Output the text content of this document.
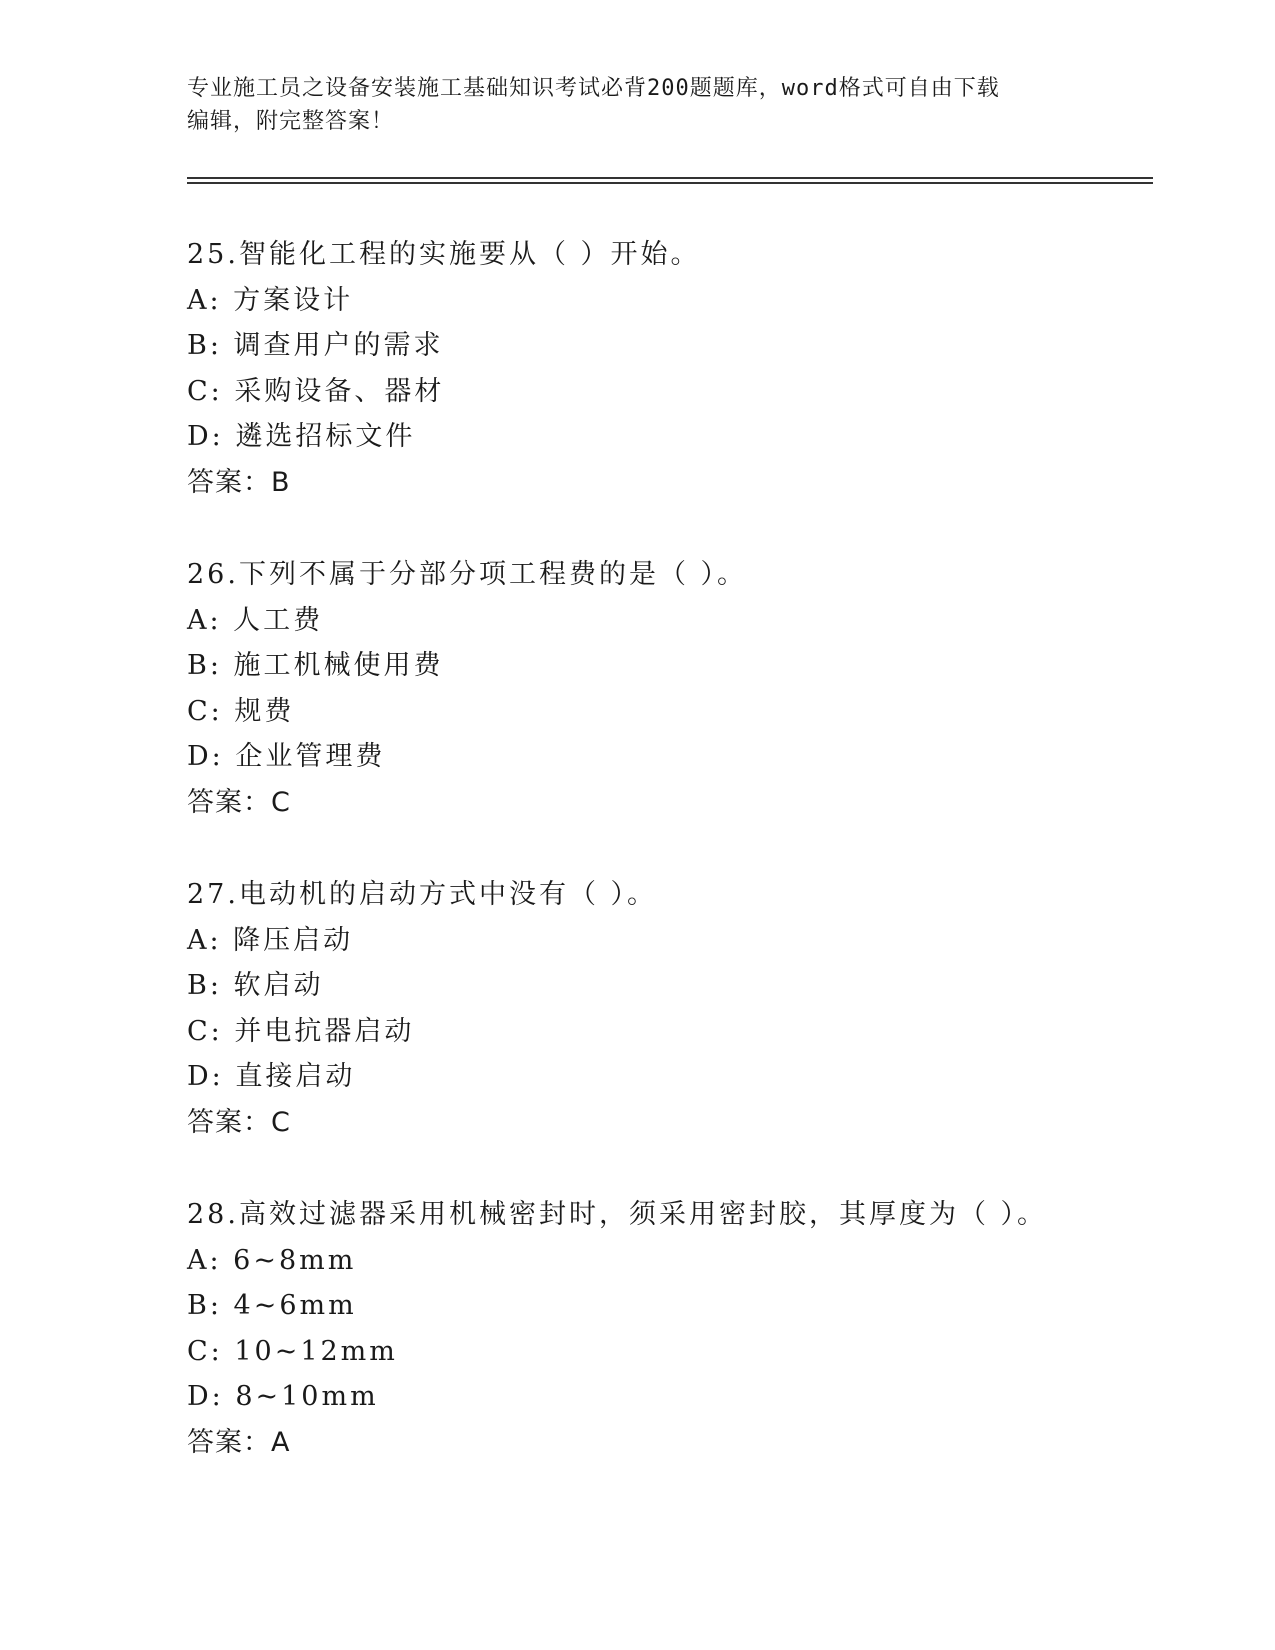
专业施工员之设备安装施工基础知识考试必背200题题库，word格式可自由下载
编辑，附完整答案！
25.智能化工程的实施要从（ ）开始。
A: 方案设计
B: 调查用户的需求
C: 采购设备、器材
D: 遴选招标文件
答案：B
26.下列不属于分部分项工程费的是（ ）。
A: 人工费
B: 施工机械使用费
C: 规费
D: 企业管理费
答案：C
27.电动机的启动方式中没有（ ）。
A: 降压启动
B: 软启动
C: 并电抗器启动
D: 直接启动
答案：C
28.高效过滤器采用机械密封时，须采用密封胶，其厚度为（ ）。
A: 6~8mm
B: 4~6mm
C: 10~12mm
D: 8~10mm
答案：A
